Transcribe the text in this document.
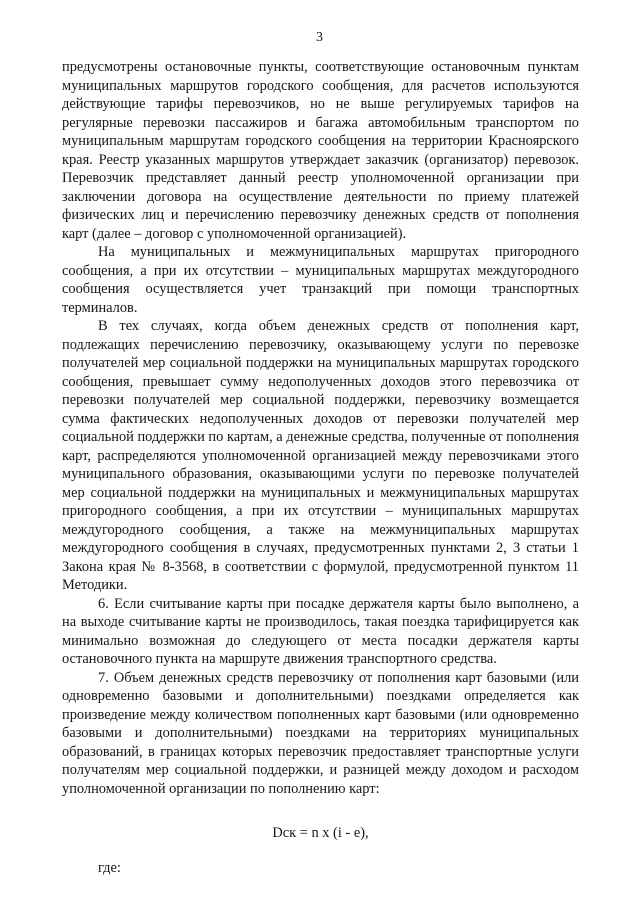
3

предусмотрены остановочные пункты, соответствующие остановочным пунктам муниципальных маршрутов городского сообщения, для расчетов используются действующие тарифы перевозчиков, но не выше регулируемых тарифов на регулярные перевозки пассажиров и багажа автомобильным транспортом по муниципальным маршрутам городского сообщения на территории Красноярского края. Реестр указанных маршрутов утверждает заказчик (организатор) перевозок. Перевозчик представляет данный реестр уполномоченной организации при заключении договора на осуществление деятельности по приему платежей физических лиц и перечислению перевозчику денежных средств от пополнения карт (далее – договор с уполномоченной организацией).

На муниципальных и межмуниципальных маршрутах пригородного сообщения, а при их отсутствии – муниципальных маршрутах междугородного сообщения осуществляется учет транзакций при помощи транспортных терминалов.

В тех случаях, когда объем денежных средств от пополнения карт, подлежащих перечислению перевозчику, оказывающему услуги по перевозке получателей мер социальной поддержки на муниципальных маршрутах городского сообщения, превышает сумму недополученных доходов этого перевозчика от перевозки получателей мер социальной поддержки, перевозчику возмещается сумма фактических недополученных доходов от перевозки получателей мер социальной поддержки по картам, а денежные средства, полученные от пополнения карт, распределяются уполномоченной организацией между перевозчиками этого муниципального образования, оказывающими услуги по перевозке получателей мер социальной поддержки на муниципальных и межмуниципальных маршрутах пригородного сообщения, а при их отсутствии – муниципальных маршрутах междугородного сообщения, а также на межмуниципальных маршрутах междугородного сообщения в случаях, предусмотренных пунктами 2, 3 статьи 1 Закона края № 8-3568, в соответствии с формулой, предусмотренной пунктом 11 Методики.

6. Если считывание карты при посадке держателя карты было выполнено, а на выходе считывание карты не производилось, такая поездка тарифицируется как минимально возможная до следующего от места посадки держателя карты остановочного пункта на маршруте движения транспортного средства.

7. Объем денежных средств перевозчику от пополнения карт базовыми (или одновременно базовыми и дополнительными) поездками определяется как произведение между количеством пополненных карт базовыми (или одновременно базовыми и дополнительными) поездками на территориях муниципальных образований, в границах которых перевозчик предоставляет транспортные услуги получателям мер социальной поддержки, и разницей между доходом и расходом уполномоченной организации по пополнению карт:

Dск = n x (i - e),

где:
